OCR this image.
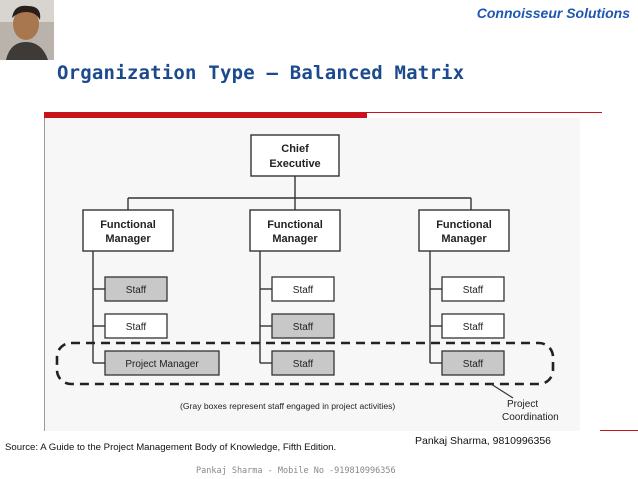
Connoisseur Solutions
Organization Type – Balanced Matrix
Chief
Executive
Functional
Manager
Functional
Manager
Functional
Manager
Staff
Staff
Project Manager
Staff
Staff
Staff
Staff
Staff
Staff
(Gray boxes represent staff engaged in project activities)	Project
Coordination
Pankaj Sharma, 9810996356
Source: A Guide to the Project Management Body of Knowledge, Fifth Edition.
Pankaj Sharma - Mobile No -919810996356
